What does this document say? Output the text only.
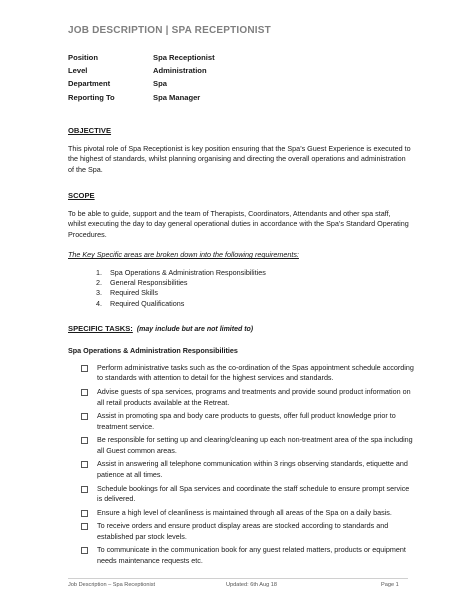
JOB DESCRIPTION | SPA RECEPTIONIST
Position	Spa Receptionist
Level	Administration
Department	Spa
Reporting To	Spa Manager
OBJECTIVE
This pivotal role of Spa Receptionist is key position ensuring that the Spa’s Guest Experience is executed to
the highest of standards, whilst planning organising and directing the overall operations and administration
of the Spa.
SCOPE
To be able to guide, support and the team of Therapists, Coordinators, Attendants and other spa staff,
whilst executing the day to day general operational duties in accordance with the Spa’s Standard Operating
Procedures.
The Key Specific areas are broken down into the following requirements:
1. Spa Operations & Administration Responsibilities
2. General Responsibilities
3. Required Skills
4. Required Qualifications
SPECIFIC TASKS: (may include but are not limited to)
Spa Operations & Administration Responsibilities
Perform administrative tasks such as the co-ordination of the Spas appointment schedule according
to standards with attention to detail for the highest services and standards.
Advise guests of spa services, programs and treatments and provide sound product information on
all retail products available at the Retreat.
Assist in promoting spa and body care products to guests, offer full product knowledge prior to
treatment service.
Be responsible for setting up and clearing/cleaning up each non-treatment area of the spa including
all Guest common areas.
Assist in answering all telephone communication within 3 rings observing standards, etiquette and
patience at all times.
Schedule bookings for all Spa services and coordinate the staff schedule to ensure prompt service
is delivered.
Ensure a high level of cleanliness is maintained through all areas of the Spa on a daily basis.
To receive orders and ensure product display areas are stocked according to standards and
established par stock levels.
To communicate in the communication book for any guest related matters, products or equipment
needs maintenance requests etc.
Job Description – Spa Receptionist	Updated: 6th Aug 18	Page 1
